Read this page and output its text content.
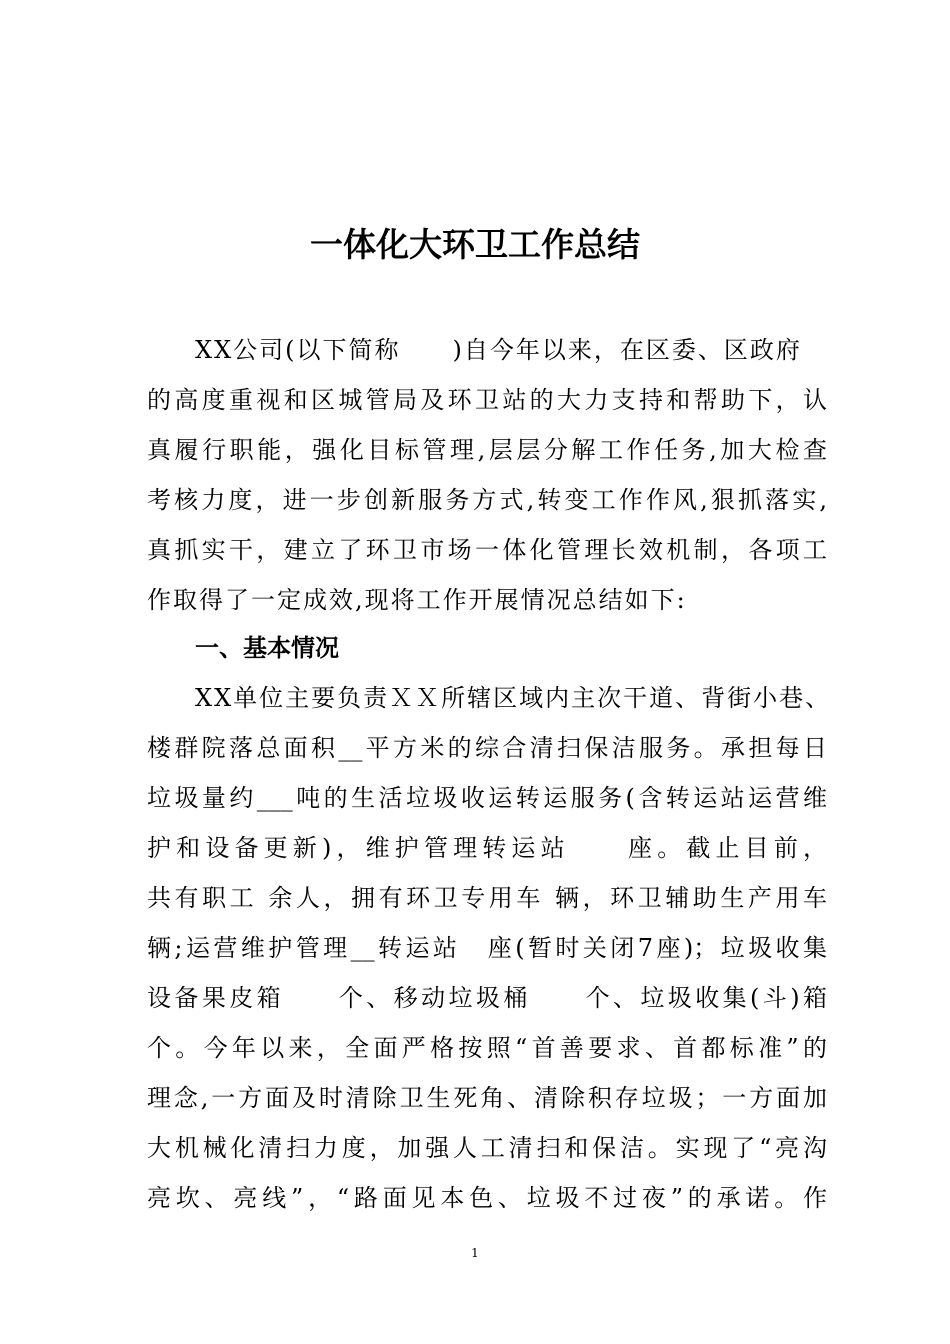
一体化大环卫工作总结
XX公司(以下简称　　)自今年以来，在区委、区政府
的高度重视和区城管局及环卫站的大力支持和帮助下，认
真履行职能，强化目标管理,层层分解工作任务,加大检查
考核力度，进一步创新服务方式,转变工作作风,狠抓落实,
真抓实干，建立了环卫市场一体化管理长效机制，各项工
作取得了一定成效,现将工作开展情况总结如下:
一、基本情况
XX单位主要负责ＸＸ所辖区域内主次干道、背街小巷、
楼群院落总面积__平方米的综合清扫保洁服务。承担每日
垃圾量约___吨的生活垃圾收运转运服务(含转运站运营维
护和设备更新)，维护管理转运站　　座。截止目前，
共有职工 余人，拥有环卫专用车 辆，环卫辅助生产用车
辆;运营维护管理__转运站　座(暂时关闭7座)；垃圾收集
设备果皮箱　　个、移动垃圾桶　　个、垃圾收集(斗)箱
个。今年以来，全面严格按照“首善要求、首都标准”的
理念,一方面及时清除卫生死角、清除积存垃圾；一方面加
大机械化清扫力度，加强人工清扫和保洁。实现了“亮沟
亮坎、亮线”，“路面见本色、垃圾不过夜”的承诺。作
1
